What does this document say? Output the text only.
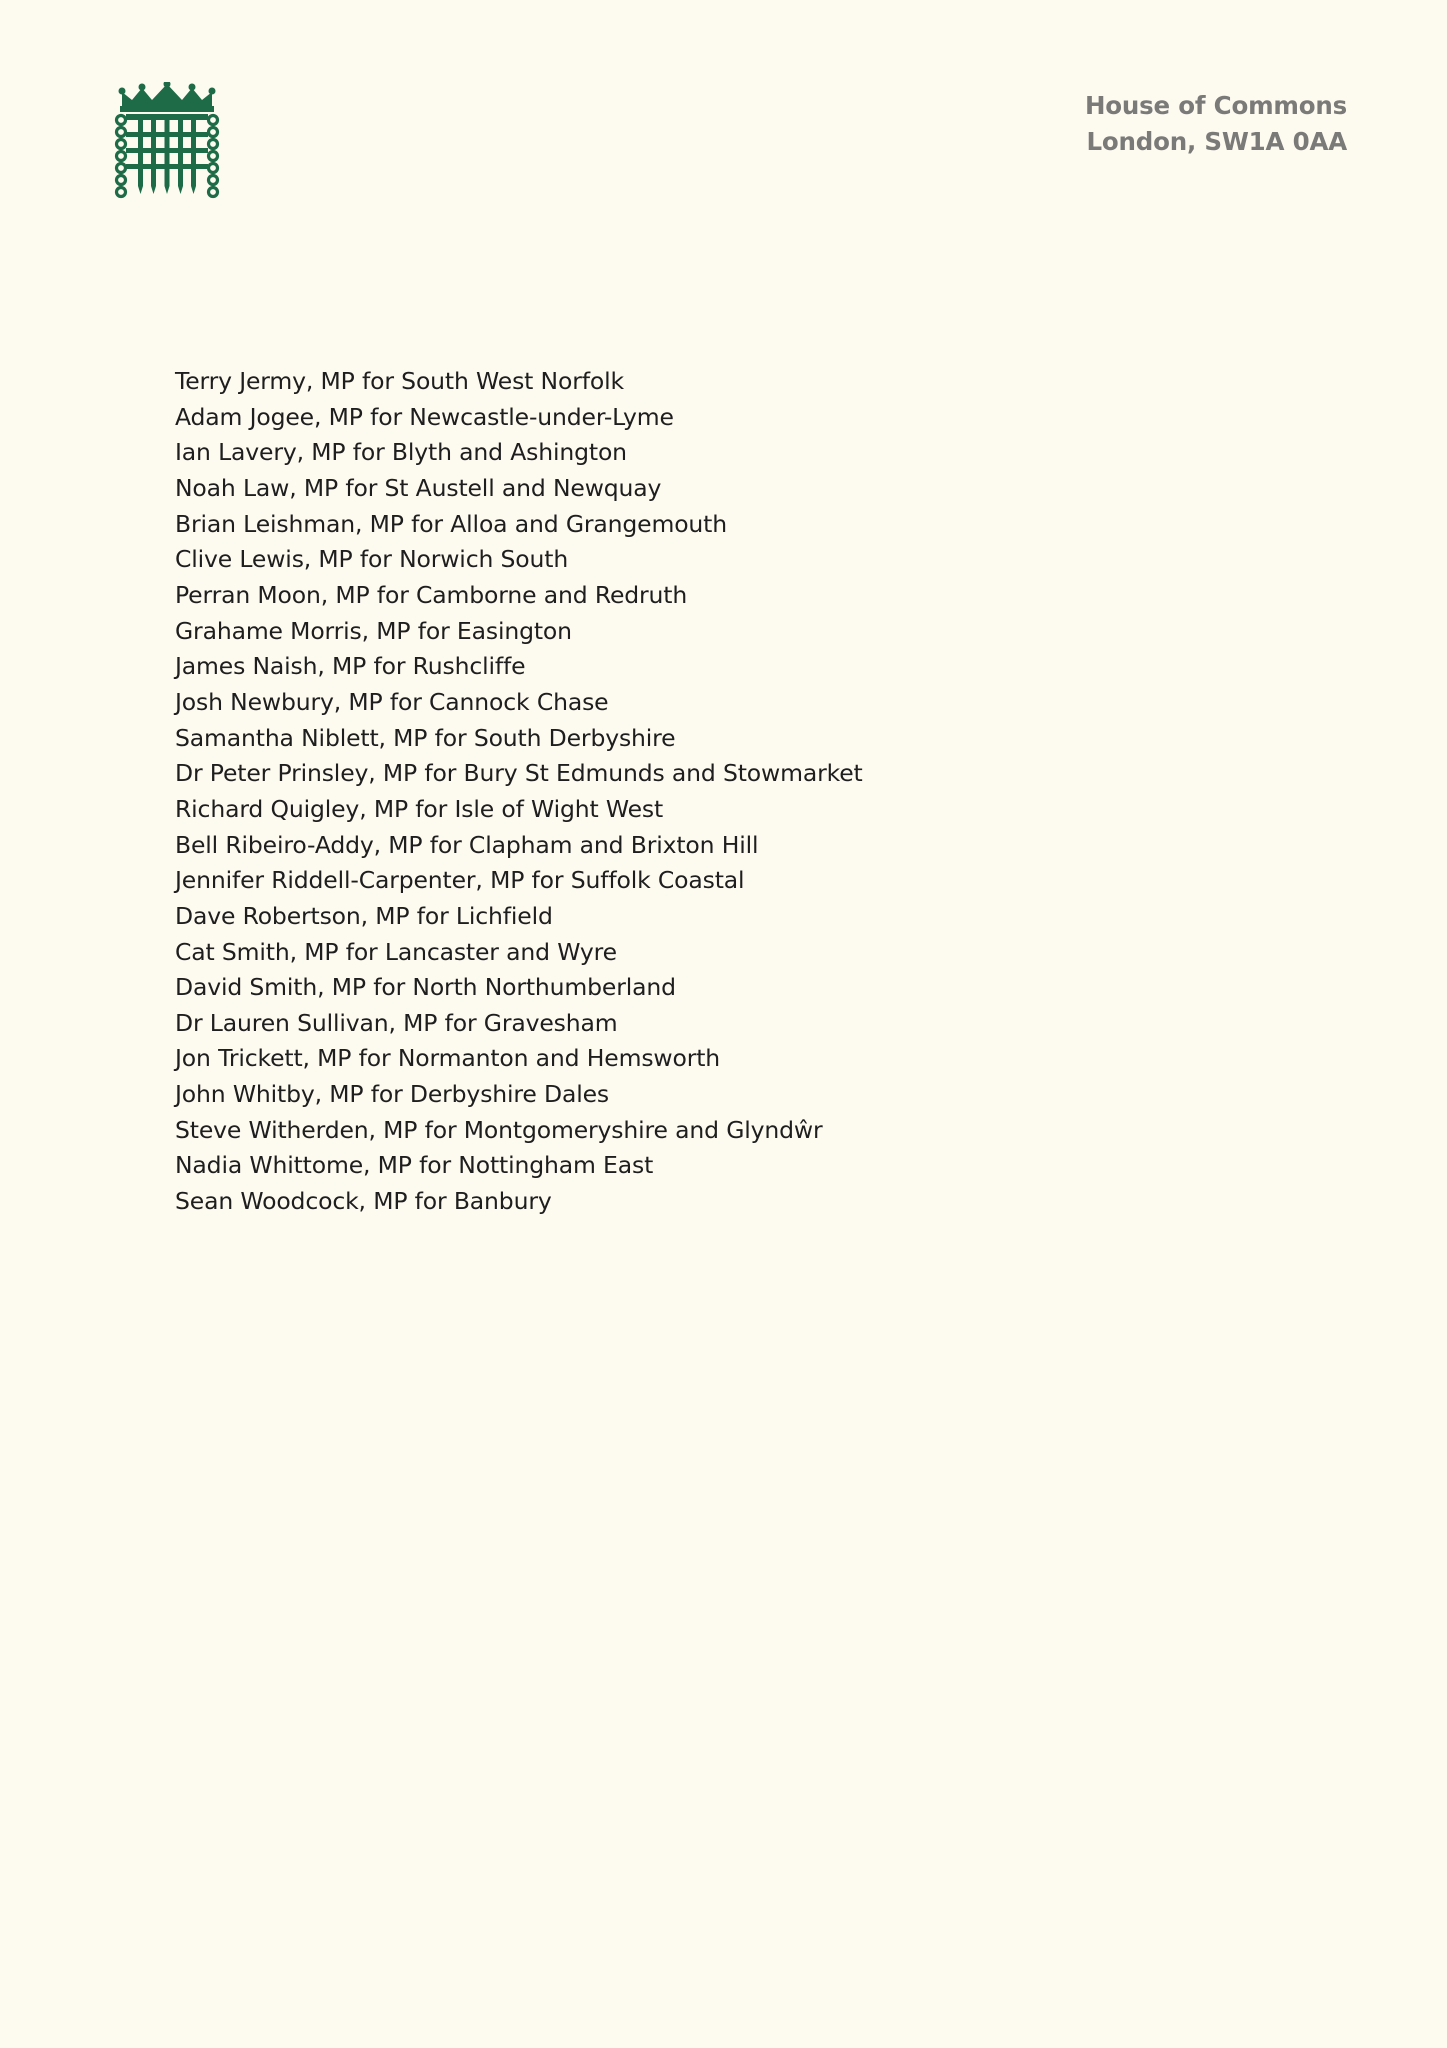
House of Commons
London, SW1A 0AA
Terry Jermy, MP for South West Norfolk
Adam Jogee, MP for Newcastle-under-Lyme
Ian Lavery, MP for Blyth and Ashington
Noah Law, MP for St Austell and Newquay
Brian Leishman, MP for Alloa and Grangemouth
Clive Lewis, MP for Norwich South
Perran Moon, MP for Camborne and Redruth
Grahame Morris, MP for Easington
James Naish, MP for Rushcliffe
Josh Newbury, MP for Cannock Chase
Samantha Niblett, MP for South Derbyshire
Dr Peter Prinsley, MP for Bury St Edmunds and Stowmarket
Richard Quigley, MP for Isle of Wight West
Bell Ribeiro-Addy, MP for Clapham and Brixton Hill
Jennifer Riddell-Carpenter, MP for Suffolk Coastal
Dave Robertson, MP for Lichfield
Cat Smith, MP for Lancaster and Wyre
David Smith, MP for North Northumberland
Dr Lauren Sullivan, MP for Gravesham
Jon Trickett, MP for Normanton and Hemsworth
John Whitby, MP for Derbyshire Dales
Steve Witherden, MP for Montgomeryshire and Glyndŵr
Nadia Whittome, MP for Nottingham East
Sean Woodcock, MP for Banbury
